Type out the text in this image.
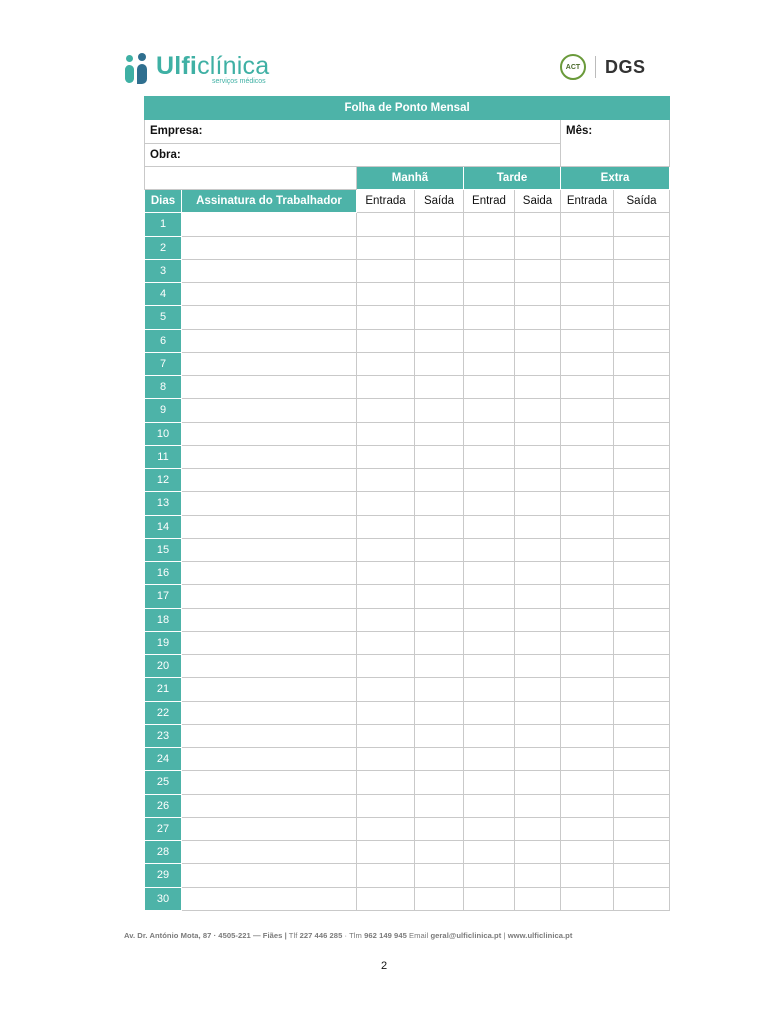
Ulficlínica
serviços médicos
ACT	DGS
Folha de Ponto Mensal							
Empresa:						Mês:	
Obra:							
		Manhã		Tarde		Extra	
Dias	Assinatura do Trabalhador	Entrada	Saída	Entrad	Saida	Entrada	Saída
1							
2							
3							
4							
5							
6							
7							
8							
9							
10							
11							
12							
13							
14							
15							
16							
17							
18							
19							
20							
21							
22							
23							
24							
25							
26							
27							
28							
29							
30							
Av. Dr. António Mota, 87 · 4505-221 — Fiães | Tlf 227 446 285 · Tlm 962 149 945 Email geral@ulficlinica.pt | www.ulficlinica.pt
2
